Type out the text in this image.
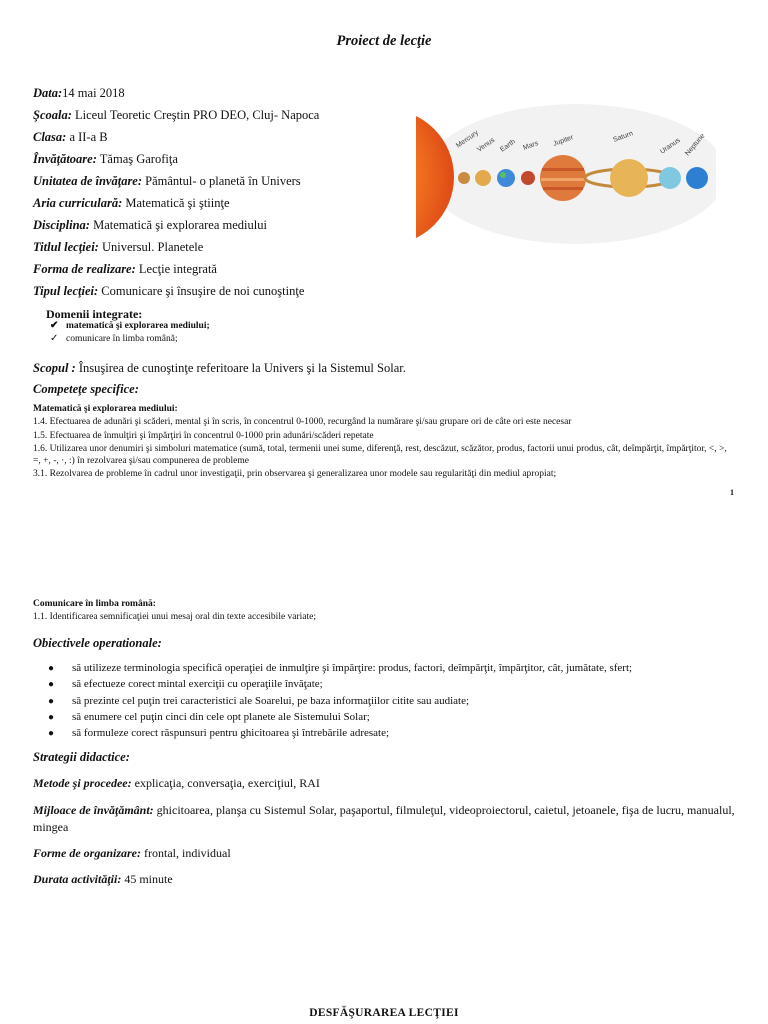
Proiect de lecţie
Data:14 mai 2018
Şcoala: Liceul Teoretic Creştin PRO DEO, Cluj- Napoca
Clasa: a II-a B
Învăţătoare: Tămaş Garofiţa
Unitatea de învăţare: Pământul- o planetă în Univers
Aria curriculară: Matematică şi ştiinţe
Disciplina: Matematică şi explorarea mediului
Titlul lecţiei: Universul. Planetele
Forma de realizare: Lecţie integrată
Tipul lecţiei: Comunicare şi însuşire de noi cunoştinţe
Mercury
Venus Earth Mars Jupiter	Saturn	Uranus Neptune
Domenii integrate:
✔ matematică şi explorarea mediului;
✓ comunicare în limba română;
Scopul : Însuşirea de cunoştinţe referitoare la Univers şi la Sistemul Solar.
Competeţe specifice:
Matematică şi explorarea mediului:
1.4. Efectuarea de adunări şi scăderi, mental şi în scris, în concentrul 0-1000, recurgând la numărare şi/sau grupare ori de câte ori este necesar
1.5. Efectuarea de înmulţiri şi împărţiri în concentrul 0-1000 prin adunări/scăderi repetate
1.6. Utilizarea unor denumiri şi simboluri matematice (sumă, total, termenii unei sume, diferenţă, rest, descăzut, scăzător, produs, factorii unui produs, cât, deîmpărţit, împărţitor, <, >, =, +, -, ·, :) în rezolvarea şi/sau compunerea de probleme
3.1. Rezolvarea de probleme în cadrul unor investigaţii, prin observarea şi generalizarea unor modele sau regularităţi din mediul apropiat;
1
Comunicare în limba română:
1.1. Identificarea semnificaţiei unui mesaj oral din texte accesibile variate;
Obiectivele operationale:
● să utilizeze terminologia specifică operaţiei de inmulţire şi împărţire: produs, factori, deîmpărţit, împărţitor, cât, jumătate, sfert;
● să efectueze corect mintal exerciţii cu operaţiile învăţate;
● să prezinte cel puţin trei caracteristici ale Soarelui, pe baza informaţiilor citite sau audiate;
● să enumere cel puţin cinci din cele opt planete ale Sistemului Solar;
● să formuleze corect răspunsuri pentru ghicitoarea şi întrebările adresate;
Strategii didactice:
Metode şi procedee: explicaţia, conversaţia, exerciţiul, RAI
Mijloace de învăţământ: ghicitoarea, planşa cu Sistemul Solar, paşaportul, filmuleţul, videoproiectorul, caietul, jetoanele, fişa de lucru, manualul, mingea
Forme de organizare: frontal, individual
Durata activităţii: 45 minute
DESFĂŞURAREA LECŢIEI
